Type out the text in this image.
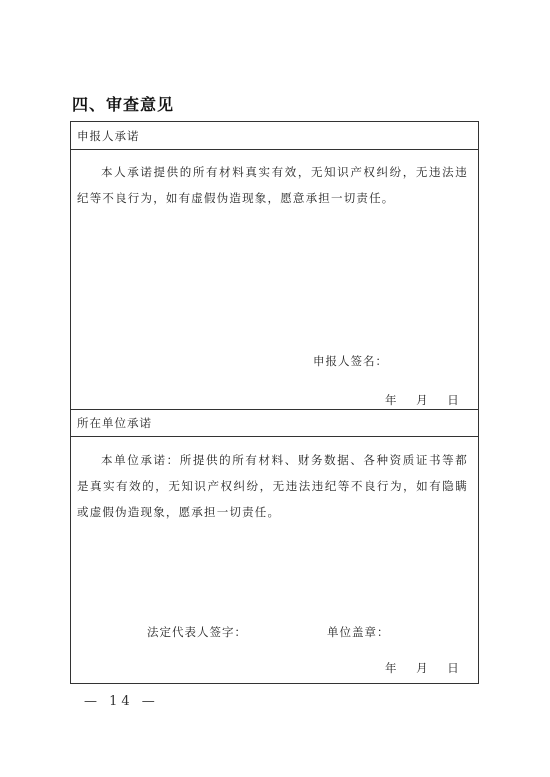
四、审查意见
申报人承诺
本人承诺提供的所有材料真实有效，无知识产权纠纷，无违法违纪等不良行为，如有虚假伪造现象，愿意承担一切责任。
申报人签名：
年 月 日
所在单位承诺
本单位承诺：所提供的所有材料、财务数据、各种资质证书等都是真实有效的，无知识产权纠纷，无违法违纪等不良行为，如有隐瞒或虚假伪造现象，愿承担一切责任。
法定代表人签字：	单位盖章：
年 月 日
— 14 —
